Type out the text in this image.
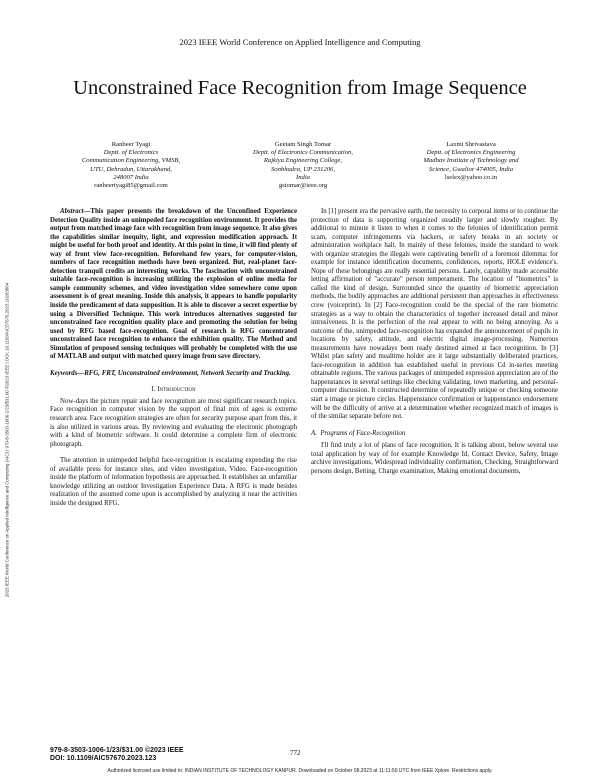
2023 IEEE World Conference on Applied Intelligence and Computing
Unconstrained Face Recognition from Image Sequence
Ranbeer Tyagi
Deptt. of Electronics
Communication Engineering, VMSB,
UTU, Dehradun, Uttarakhand,
248007 India
ranbeertyagi85@gmail.com
Geetam Singh Tomar
Deptt. of Electronics Communication,
Rajkiya Engineering College,
Sonbhadra, UP 231206,
India
gstomar@ieee.org
Laxmi Shrivastava
Deptt. of Electronics Engineering
Madhav Institute of Technology and
Science, Gwalior 474005, India
lselex@yahoo.co.in
2023 IEEE World Conference on Applied Intelligence and Computing (AIC) | 979-8-3503-1006-1/23/$31.00 ©2023 IEEE | DOI: 10.1109/AIC57670.2023.10263864

Abstract—This paper presents the breakdown of the Unconfined Experience Detection Quality inside an unimpeded face recognition environment. It provides the output from matched image face with recognition from image sequence. It also gives the capabilities similar inequity, light, and expression modification approach. It might be useful for both proof and identity. At this point in time, it will find plenty of way of front view face-recognition. Beforehand few years, for computer-vision, numbers of face recognition methods have been organized. But, real-planet face-detection tranquil credits an interesting works. The fascination with unconstrained suitable face-recognition is increasing utilizing the explosion of online media for sample community schemes, and video investigation video somewhere come upon assessment is of great meaning. Inside this analysis, it appears to handle popularity inside the predicament of data supposition. It is able to discover a secret expertise by using a Diversified Technique. This work introduces alternatives suggested for unconstrained face recognition quality place and promoting the solution for being used by RFG based face-recognition. Goal of research is RFG concentrated unconstrained face recognition to enhance the exhibition quality. The Method and Simulation of proposed sensing techniques will probably be completed with the use of MATLAB and output with matched query image from save directory.

Keywords—RFG, FRT, Unconstrained environment, Network Security and Tracking.

I. Introduction

Now-days the picture repair and face recognition are most significant research topics. Face recognition in computer vision by the support of final mix of ages is extreme research area. Face recognition strategies are often for security purpose apart from this, it is also utilized in various areas. By reviewing and evaluating the electronic photograph with a kind of biometric software. It could determine a complete firm of electronic photograph.

The attention in unimpeded helpful face-recognition is escalating expending the rise of available press for instance sites, and video investigation. Video. Face-recognition inside the platform of information hypothesis are approached. It establishes an unfamiliar knowledge utilizing an outdoor Investigation Experience Data. A RFG is made besides realization of the assumed come upon is accomplished by analyzing it near the activities inside the designed RFG.

In [1] present era the pervasive earth, the necessity to corporal items or to continue the protection of data is supporting organized steadily larger and slowly rougher. By additional to minute it listen to when it comes to the felonies of identification permit scam, computer infringements via hackers, or safety breaks in an society or administration workplace halt. In mainly of these felonies, inside the standard to work with organize strategies the illegals were captivating benefit of a foremost dilemma: for example for instance identification documents, confidences, reports, HOLE evidence's. Nope of these belongings are really essential persons. Lately, capability made accessible letting affirmation of "accurate" person temperament. The location of "biometrics" is called the kind of design. Surrounded since the quantity of biometric appreciation methods, the bodily approaches are additional persistent than approaches in effectiveness crew (voiceprint). In [2] Face-recognition could be the special of the rare biometric strategies as a way to obtain the characteristics of together increased detail and minor intrusiveness. It is the perfection of the real appear to with no being annoying. As a outcome of the, unimpeded face-recognition has expanded the announcement of pupils in locations by safety, attitude, and electric digital image-processing. Numerous measurements have nowadays been ready destined aimed at face recognition. In [3] Whilst plan safety and mealtime holder are it large substantially deliberated practices, face-recognition in addition has established useful in previous Cd in-series meeting obtainable regions. The various packages of unimpeded expression appreciation are of the happenstances in several settings like checking validating, town marketing, and personal-computer discussion. It constructed determine of repeatedly unique or checking someone start a image or picture circles. Happenstance confirmation or happenstance endorsement will be the difficulty of arrive at a determination whether recognized match of images is of the similar separate before not.

A. Programs of Face-Recognition

I'll find truly a lot of plans of face recognition. It is talking about, below several use total application by way of for example Knowledge Id, Contact Device, Safety, Image archive investigations, Widespread individuality confirmation, Checking, Straightforward persons design, Betting, Charge examination, Making emotional documents,

979-8-3503-1006-1/23/$31.00 ©2023 IEEE
DOI: 10.1109/AIC57670.2023.123
772
Authorized licensed use limited to: INDIAN INSTITUTE OF TECHNOLOGY KANPUR. Downloaded on October 08,2023 at 11:11:50 UTC from IEEE Xplore. Restrictions apply.
